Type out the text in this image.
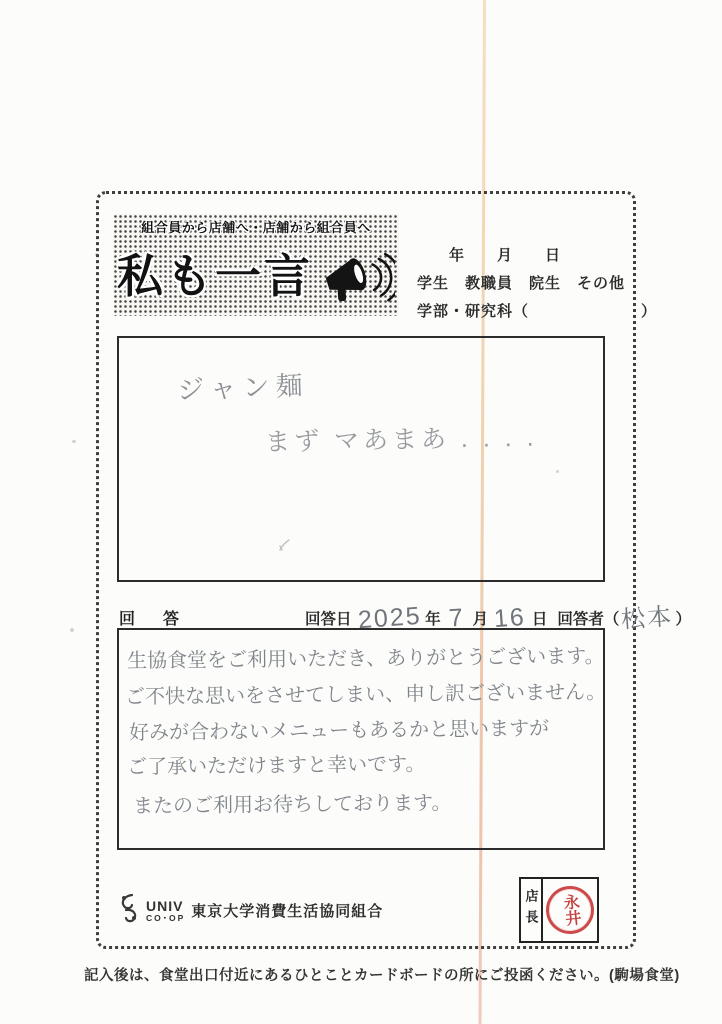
組合員から店舗へ・店舗から組合員へ
私も一言	年　　月　　日
学生　教職員　院生　その他
学部・研究科（　　　　　　　）
ジャン麺
まず マあまあ . . . .
回　答	回答日 2025 年 7 月 16 日 回答者（ 松本 ）
生協食堂をご利用いただき、ありがとうございます。
ご不快な思いをさせてしまい、申し訳ございません。
好みが合わないメニューもあるかと思いますが
ご了承いただけますと幸いです。
またのご利用お待ちしております。
UNIV
CO･OP 東京大学消費生活協同組合	店長 永井
記入後は、食堂出口付近にあるひとことカードボードの所にご投函ください。(駒場食堂)
